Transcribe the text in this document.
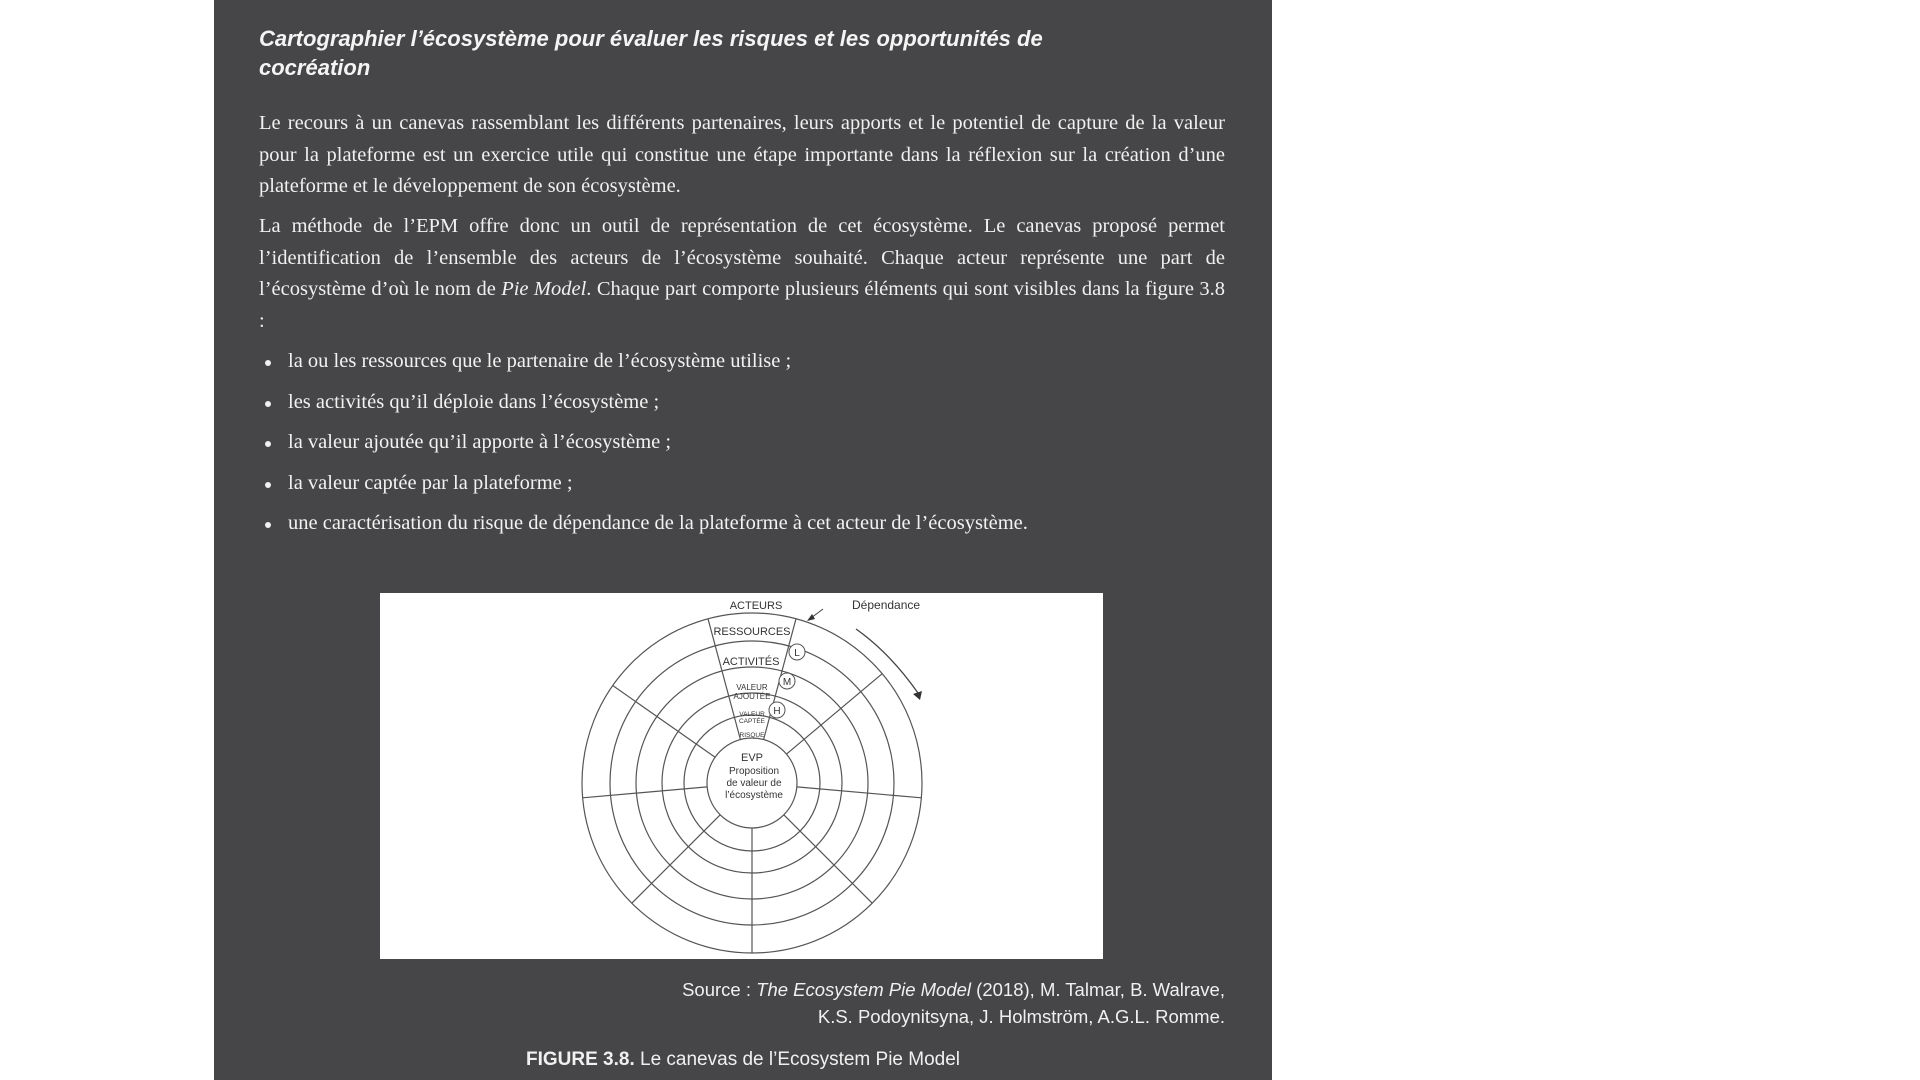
Cartographier l’écosystème pour évaluer les risques et les opportunités de cocréation

Le recours à un canevas rassemblant les différents partenaires, leurs apports et le potentiel de capture de la valeur pour la plateforme est un exercice utile qui constitue une étape importante dans la réflexion sur la création d’une plateforme et le développement de son écosystème.

La méthode de l’EPM offre donc un outil de représentation de cet écosystème. Le canevas proposé permet l’identification de l’ensemble des acteurs de l’écosystème souhaité. Chaque acteur représente une part de l’écosystème d’où le nom de Pie Model. Chaque part comporte plusieurs éléments qui sont visibles dans la figure 3.8 :

la ou les ressources que le partenaire de l’écosystème utilise ;
les activités qu’il déploie dans l’écosystème ;
la valeur ajoutée qu’il apporte à l’écosystème ;
la valeur captée par la plateforme ;
une caractérisation du risque de dépendance de la plateforme à cet acteur de l’écosystème.
L
M
H
ACTEURS	Dépendance
RESSOURCES
ACTIVITÉS
VALEUR
AJOUTÉE
VALEUR
CAPTÉE
RISQUE
EVP
Proposition
de valeur de
l’écosystème
Source : The Ecosystem Pie Model (2018), M. Talmar, B. Walrave,
K.S. Podoynitsyna, J. Holmström, A.G.L. Romme.
FIGURE 3.8. Le canevas de l’Ecosystem Pie Model
